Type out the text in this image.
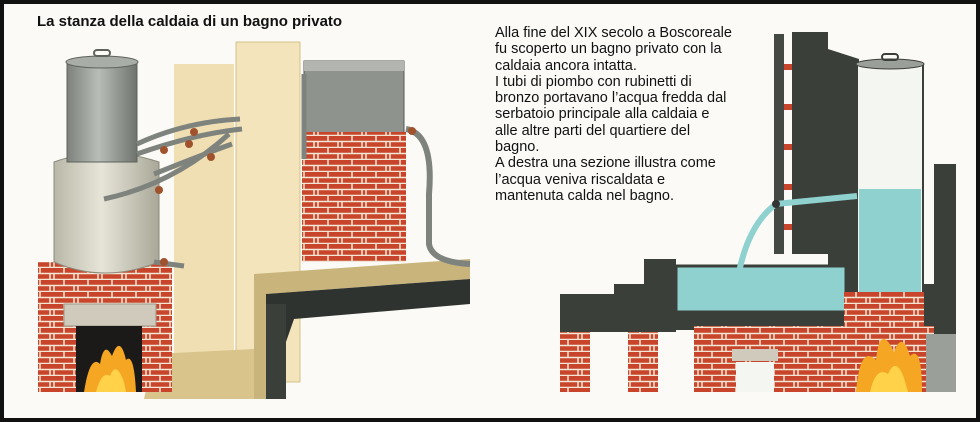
La stanza della caldaia di un bagno privato

Alla fine del XIX secolo a Boscoreale fu scoperto un bagno privato con la caldaia ancora intatta.

I tubi di piombo con rubinetti di bronzo portavano l’acqua fredda dal serbatoio principale alla caldaia e alle altre parti del quartiere del bagno.

A destra una sezione illustra come l’acqua veniva riscaldata e mantenuta calda nel bagno.
